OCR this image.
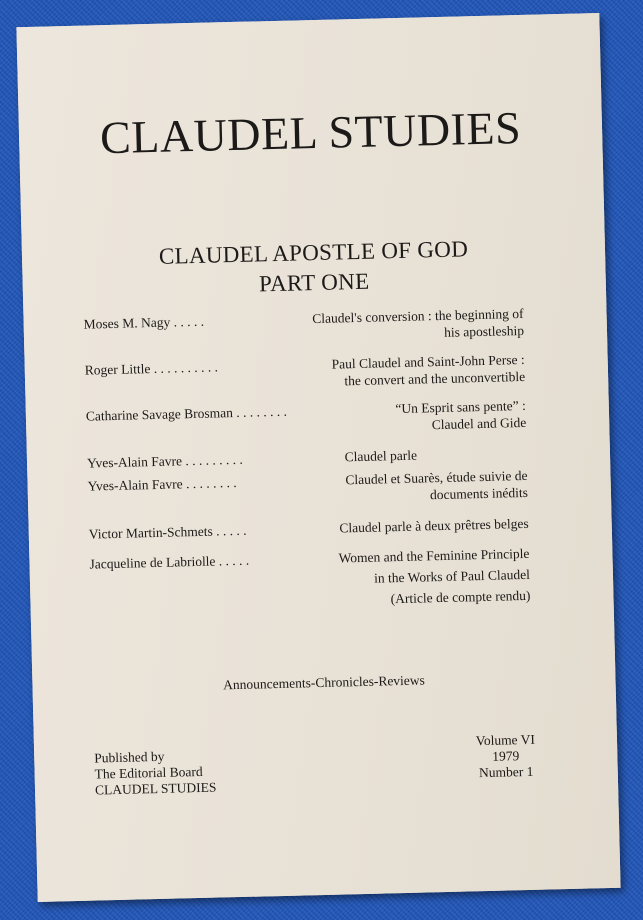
CLAUDEL STUDIES
CLAUDEL APOSTLE OF GOD
PART ONE
Moses M. Nagy . . . . .	Claudel's conversion : the beginning of
his apostleship
Roger Little . . . . . . . . . .	Paul Claudel and Saint-John Perse :
the convert and the unconvertible
Catharine Savage Brosman . . . . . . . .	“Un Esprit sans pente” :
Claudel and Gide
Yves-Alain Favre . . . . . . . . .	Claudel parle
Yves-Alain Favre . . . . . . . .	Claudel et Suarès, étude suivie de
documents inédits
Victor Martin-Schmets . . . . .	Claudel parle à deux prêtres belges
Jacqueline de Labriolle . . . . .	Women and the Feminine Principle
in the Works of Paul Claudel
(Article de compte rendu)
Announcements-Chronicles-Reviews
Published by
The Editorial Board
CLAUDEL STUDIES
Volume VI
1979
Number 1
